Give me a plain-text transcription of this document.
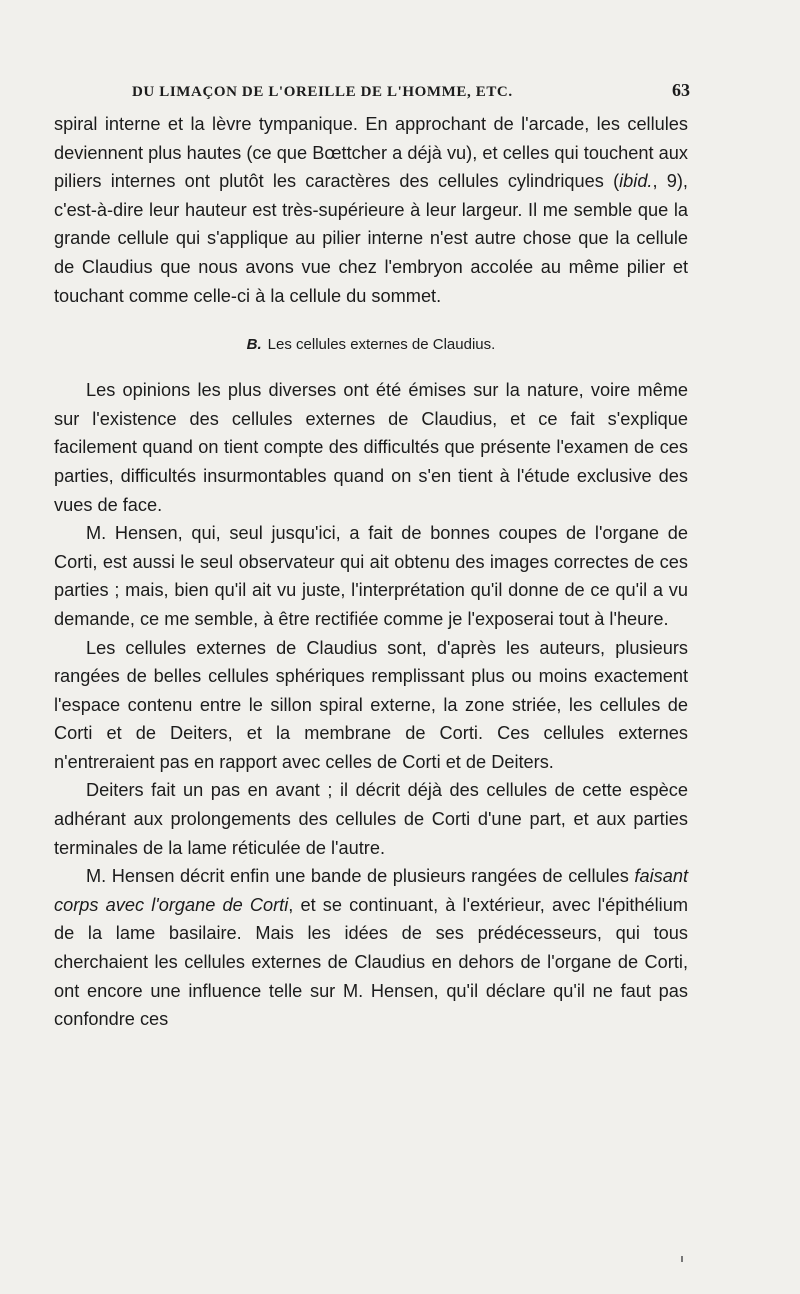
DU LIMAÇON DE L'OREILLE DE L'HOMME, ETC.	63

spiral interne et la lèvre tympanique. En approchant de l'arcade, les cellules deviennent plus hautes (ce que Bœttcher a déjà vu), et celles qui touchent aux piliers internes ont plutôt les caractères des cellules cylindriques (ibid., 9), c'est-à-dire leur hauteur est très-supérieure à leur largeur. Il me semble que la grande cellule qui s'applique au pilier interne n'est autre chose que la cellule de Claudius que nous avons vue chez l'embryon accolée au même pilier et touchant comme celle-ci à la cellule du sommet.

B. Les cellules externes de Claudius.

Les opinions les plus diverses ont été émises sur la nature, voire même sur l'existence des cellules externes de Claudius, et ce fait s'explique facilement quand on tient compte des difficultés que présente l'examen de ces parties, difficultés insurmontables quand on s'en tient à l'étude exclusive des vues de face.

M. Hensen, qui, seul jusqu'ici, a fait de bonnes coupes de l'organe de Corti, est aussi le seul observateur qui ait obtenu des images correctes de ces parties ; mais, bien qu'il ait vu juste, l'interprétation qu'il donne de ce qu'il a vu demande, ce me semble, à être rectifiée comme je l'exposerai tout à l'heure.

Les cellules externes de Claudius sont, d'après les auteurs, plusieurs rangées de belles cellules sphériques remplissant plus ou moins exactement l'espace contenu entre le sillon spiral externe, la zone striée, les cellules de Corti et de Deiters, et la membrane de Corti. Ces cellules externes n'entreraient pas en rapport avec celles de Corti et de Deiters.

Deiters fait un pas en avant ; il décrit déjà des cellules de cette espèce adhérant aux prolongements des cellules de Corti d'une part, et aux parties terminales de la lame réticulée de l'autre.

M. Hensen décrit enfin une bande de plusieurs rangées de cellules faisant corps avec l'organe de Corti, et se continuant, à l'extérieur, avec l'épithélium de la lame basilaire. Mais les idées de ses prédécesseurs, qui tous cherchaient les cellules externes de Claudius en dehors de l'organe de Corti, ont encore une influence telle sur M. Hensen, qu'il déclare qu'il ne faut pas confondre ces
